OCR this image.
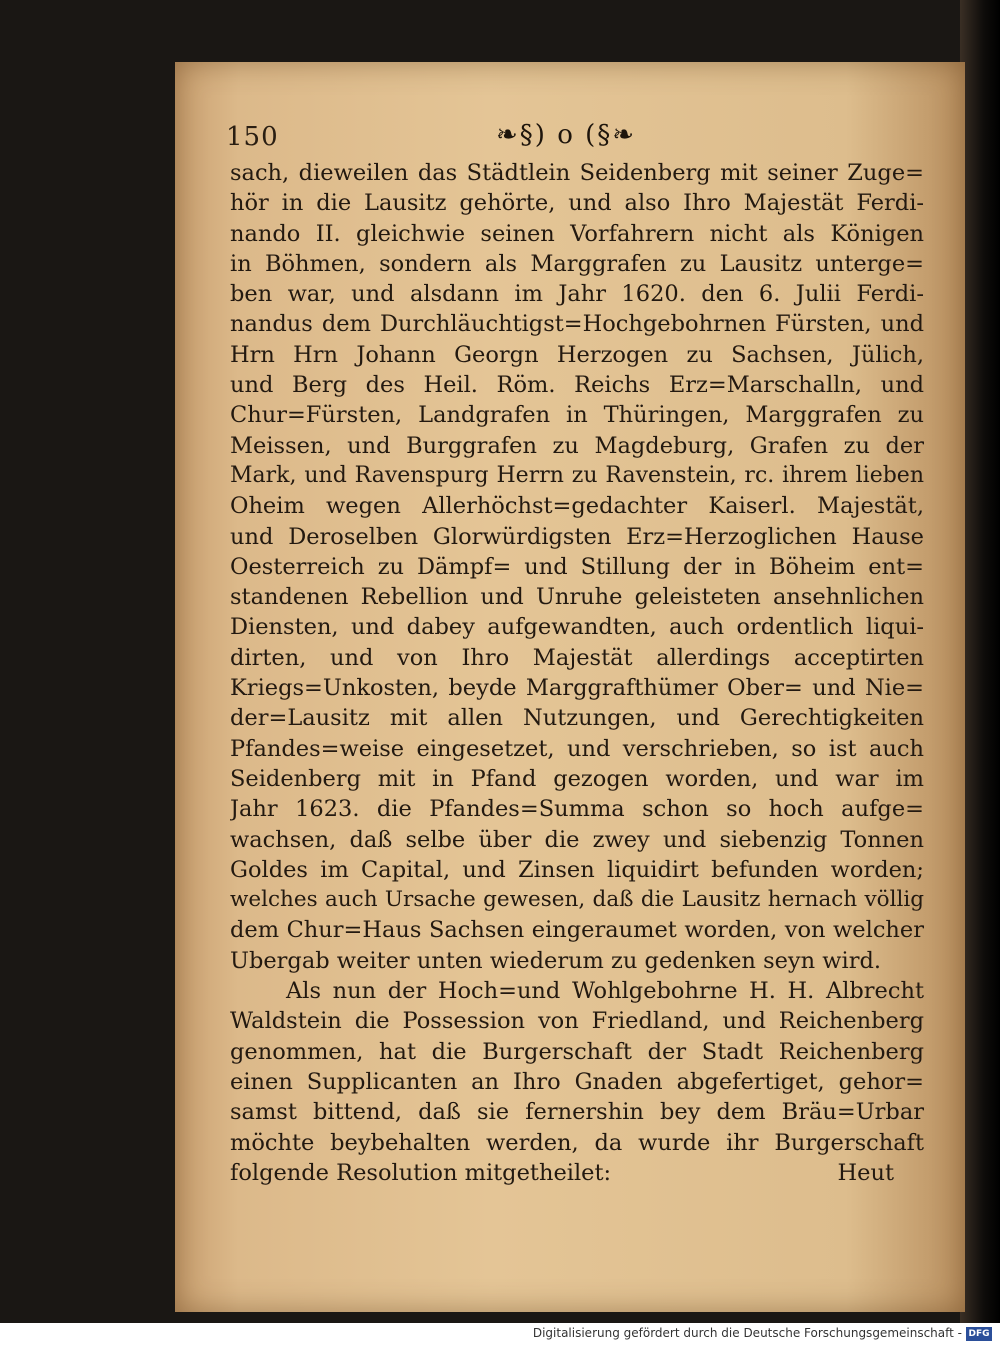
150	❧§) o (§❧
sach, dieweilen das Städtlein Seidenberg mit seiner Zuge=
hör in die Lausitz gehörte, und also Ihro Majestät Ferdi-
nando II. gleichwie seinen Vorfahrern nicht als Königen
in Böhmen, sondern als Marggrafen zu Lausitz unterge=
ben war, und alsdann im Jahr 1620. den 6. Julii Ferdi-
nandus dem Durchläuchtigst=Hochgebohrnen Fürsten, und
Hrn Hrn Johann Georgn Herzogen zu Sachsen, Jülich,
und Berg des Heil. Röm. Reichs Erz=Marschalln, und
Chur=Fürsten, Landgrafen in Thüringen, Marggrafen zu
Meissen, und Burggrafen zu Magdeburg, Grafen zu der
Mark, und Ravenspurg Herrn zu Ravenstein, rc. ihrem lieben
Oheim wegen Allerhöchst=gedachter Kaiserl. Majestät,
und Deroselben Glorwürdigsten Erz=Herzoglichen Hause
Oesterreich zu Dämpf= und Stillung der in Böheim ent=
standenen Rebellion und Unruhe geleisteten ansehnlichen
Diensten, und dabey aufgewandten, auch ordentlich liqui-
dirten, und von Ihro Majestät allerdings acceptirten
Kriegs=Unkosten, beyde Marggrafthümer Ober= und Nie=
der=Lausitz mit allen Nutzungen, und Gerechtigkeiten
Pfandes=weise eingesetzet, und verschrieben, so ist auch
Seidenberg mit in Pfand gezogen worden, und war im
Jahr 1623. die Pfandes=Summa schon so hoch aufge=
wachsen, daß selbe über die zwey und siebenzig Tonnen
Goldes im Capital, und Zinsen liquidirt befunden worden;
welches auch Ursache gewesen, daß die Lausitz hernach völlig
dem Chur=Haus Sachsen eingeraumet worden, von welcher
Ubergab weiter unten wiederum zu gedenken seyn wird.
Als nun der Hoch=und Wohlgebohrne H. H. Albrecht
Waldstein die Possession von Friedland, und Reichenberg
genommen, hat die Burgerschaft der Stadt Reichenberg
einen Supplicanten an Ihro Gnaden abgefertiget, gehor=
samst bittend, daß sie fernershin bey dem Bräu=Urbar
möchte beybehalten werden, da wurde ihr Burgerschaft
folgende Resolution mitgetheilet:	Heut
Digitalisierung gefördert durch die Deutsche Forschungsgemeinschaft - DFG
